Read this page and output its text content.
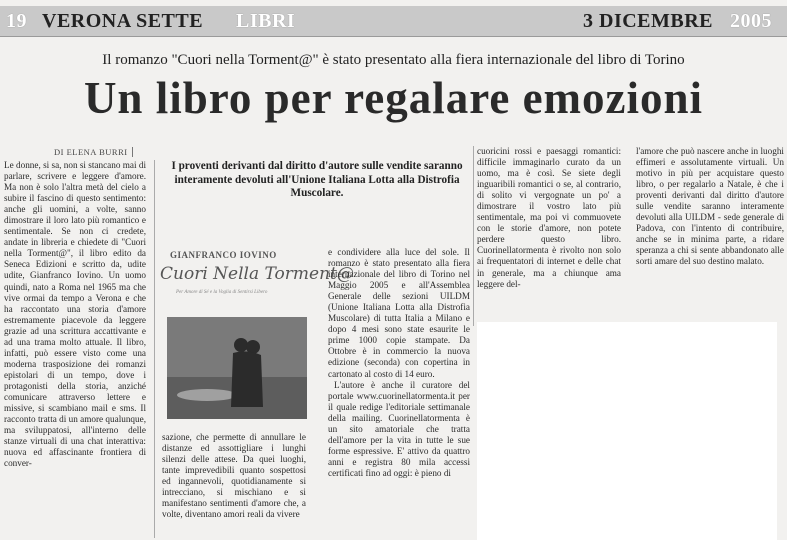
19 VERONA SETTE LIBRI	3 DICEMBRE 2005
Il romanzo "Cuori nella Torment@" è stato presentato alla fiera internazionale del libro di Torino
Un libro per regalare emozioni
DI ELENA BURRI

Le donne, si sa, non si stancano mai di parlare, scrivere e leggere d'amore. Ma non è solo l'altra metà del cielo a subire il fascino di questo sentimento: anche gli uomini, a volte, sanno dimostrare il loro lato più romantico e sentimentale. Se non ci credete, andate in libreria e chiedete di "Cuori nella Torment@", il libro edito da Seneca Edizioni e scritto da, udite udite, Gianfranco Iovino. Un uomo quindi, nato a Roma nel 1965 ma che vive ormai da tempo a Verona e che ha raccontato una storia d'amore estremamente piacevole da leggere grazie ad una scrittura accattivante e ad una trama molto attuale. Il libro, infatti, può essere visto come una moderna trasposizione dei romanzi epistolari di un tempo, dove i protagonisti della storia, anziché comunicare attraverso lettere e missive, si scambiano mail e sms. Il racconto tratta di un amore qualunque, ma sviluppatosi, all'interno delle stanze virtuali di una chat interattiva: nuova ed affascinante frontiera di conver-

I proventi derivanti dal diritto d'autore sulle vendite saranno interamente devoluti all'Unione Italiana Lotta alla Distrofia Muscolare.
GIANFRANCO IOVINO
Cuori Nella Torment@
Per Amore di Sé e la Voglia di Sentirsi Libero

sazione, che permette di annullare le distanze ed assottigliare i lunghi silenzi delle attese. Da quei luoghi, tante imprevedibili quanto sospettosi ed ingannevoli, quotidianamente si intrecciano, si mischiano e si manifestano sentimenti d'amore che, a volte, diventano amori reali da vivere

e condividere alla luce del sole. Il romanzo è stato presentato alla fiera internazionale del libro di Torino nel Maggio 2005 e all'Assemblea Generale delle sezioni UILDM (Unione Italiana Lotta alla Distrofia Muscolare) di tutta Italia a Milano e dopo 4 mesi sono state esaurite le prime 1000 copie stampate. Da Ottobre è in commercio la nuova edizione (seconda) con copertina in cartonato al costo di 14 euro.

L'autore è anche il curatore del portale www.cuorinellatormenta.it per il quale redige l'editoriale settimanale della mailing. Cuorinellatormenta è un sito amatoriale che tratta dell'amore per la vita in tutte le sue forme espressive. E' attivo da quattro anni e registra 80 mila accessi certificati fino ad oggi: è pieno di

cuoricini rossi e paesaggi romantici: difficile immaginarlo curato da un uomo, ma è così. Se siete degli inguaribili romantici o se, al contrario, di solito vi vergognate un po' a dimostrare il vostro lato più sentimentale, ma poi vi commuovete con le storie d'amore, non potete perdere questo libro. Cuorinellatormenta è rivolto non solo ai frequentatori di internet e delle chat in generale, ma a chiunque ama leggere del-

l'amore che può nascere anche in luoghi effimeri e assolutamente virtuali. Un motivo in più per acquistare questo libro, o per regalarlo a Natale, è che i proventi derivanti dal diritto d'autore sulle vendite saranno interamente devoluti alla UILDM - sede generale di Padova, con l'intento di contribuire, anche se in minima parte, a ridare speranza a chi si sente abbandonato alle sorti amare del suo destino malato.
